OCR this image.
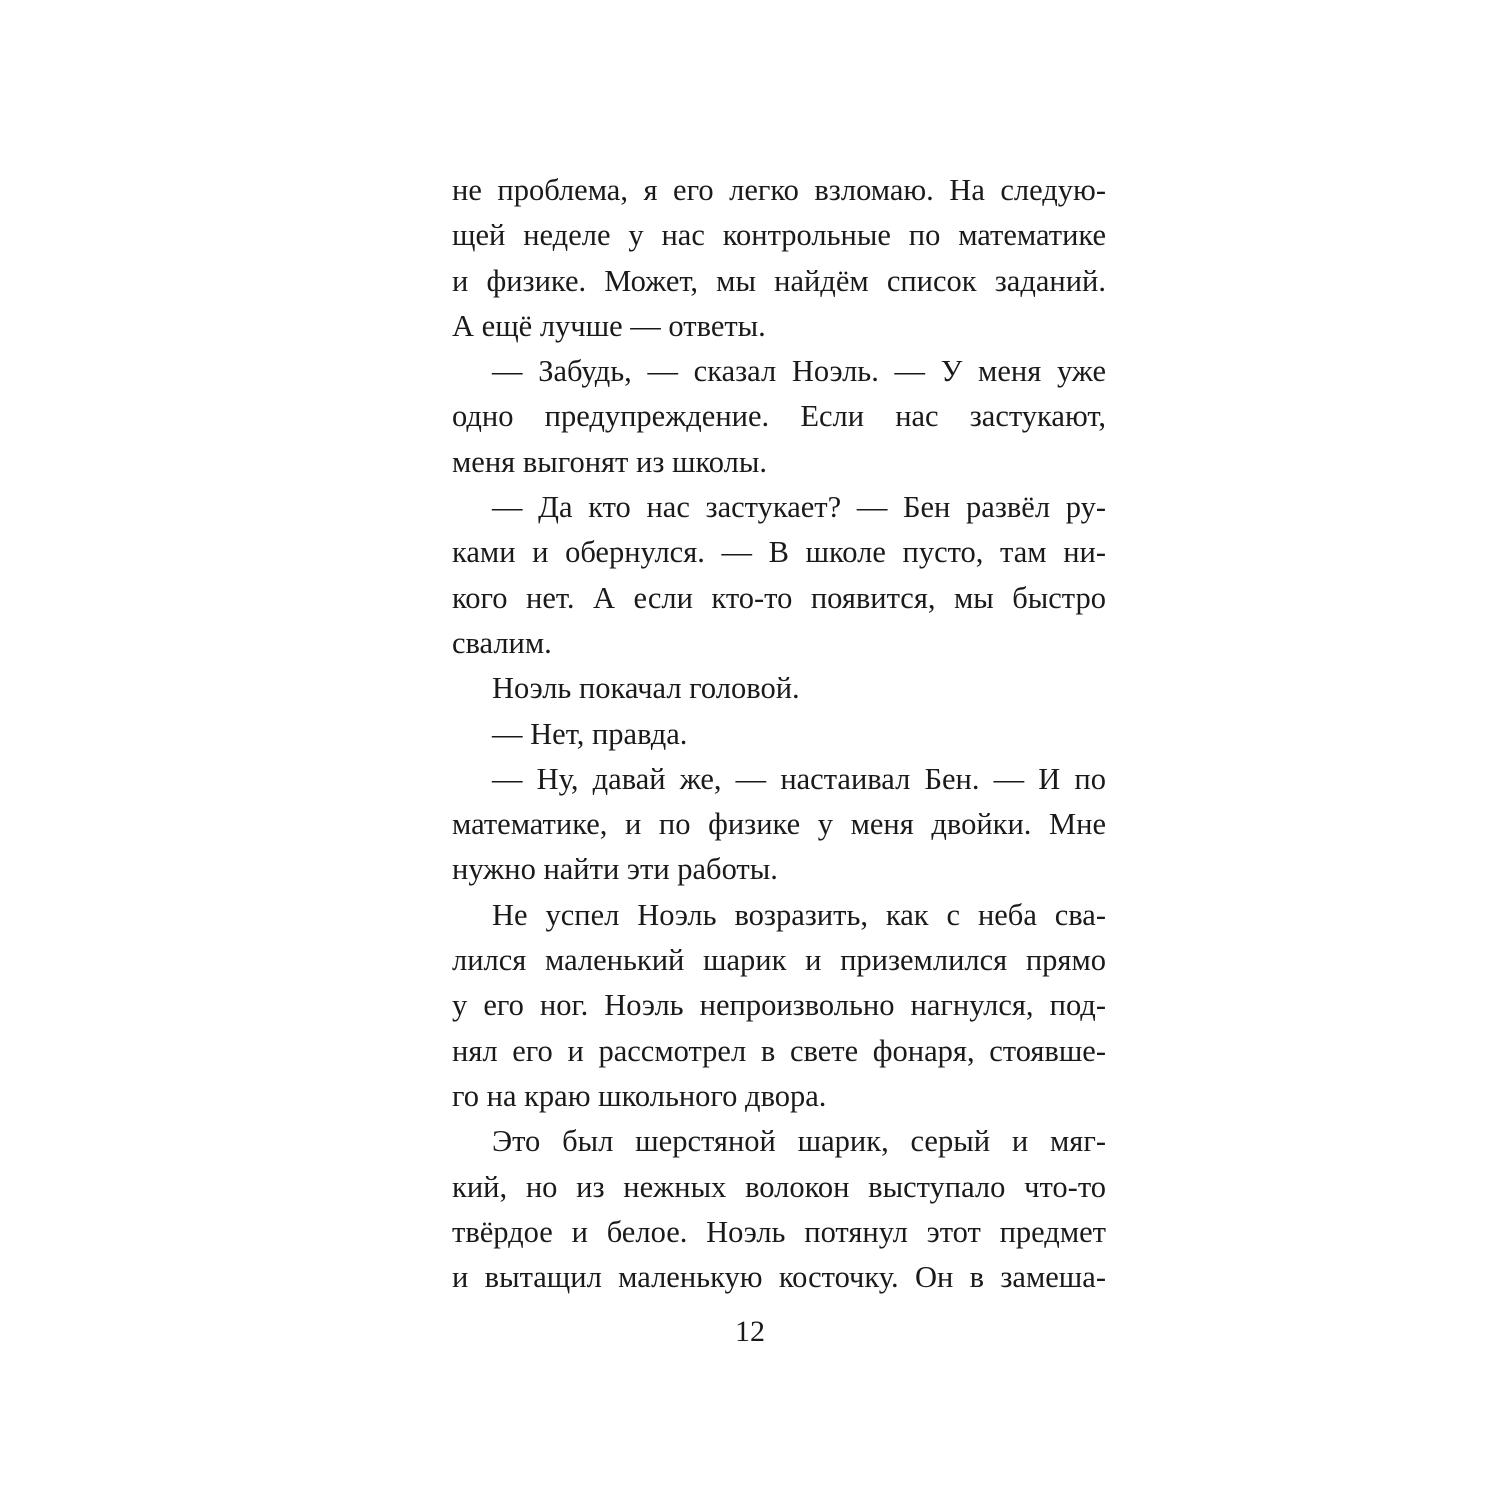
не проблема, я его легко взломаю. На следую-
щей неделе у нас контрольные по математике
и физике. Может, мы найдём список заданий.
А ещё лучше — ответы.
— Забудь, — сказал Ноэль. — У меня уже
одно предупреждение. Если нас застукают,
меня выгонят из школы.
— Да кто нас застукает? — Бен развёл ру-
ками и обернулся. — В школе пусто, там ни-
кого нет. А если кто-то появится, мы быстро
свалим.
Ноэль покачал головой.
— Нет, правда.
— Ну, давай же, — настаивал Бен. — И по
математике, и по физике у меня двойки. Мне
нужно найти эти работы.
Не успел Ноэль возразить, как с неба сва-
лился маленький шарик и приземлился прямо
у его ног. Ноэль непроизвольно нагнулся, под-
нял его и рассмотрел в свете фонаря, стоявше-
го на краю школьного двора.
Это был шерстяной шарик, серый и мяг-
кий, но из нежных волокон выступало что-то
твёрдое и белое. Ноэль потянул этот предмет
и вытащил маленькую косточку. Он в замеша-
12
